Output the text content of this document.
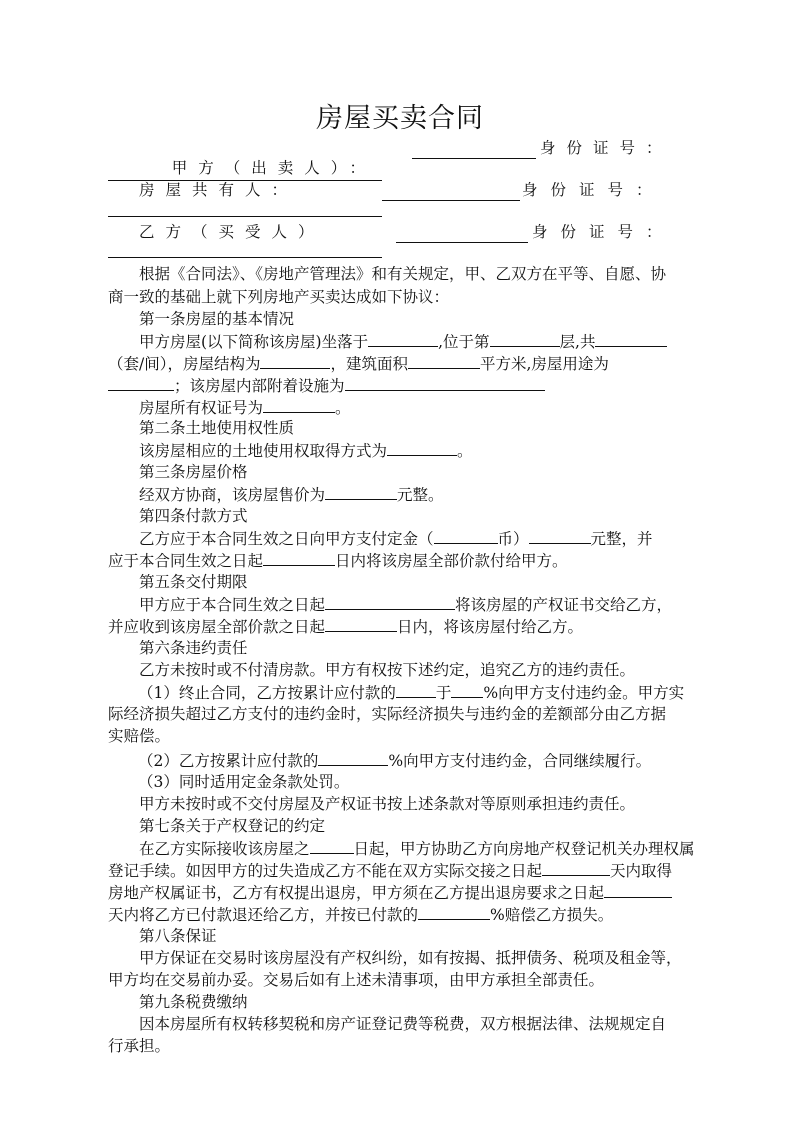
房屋买卖合同

甲方（出卖人）：

身份证号：
房屋共有人：	身份证号：
乙方（买受人）	身份证号：
根据《合同法》、《房地产管理法》和有关规定，甲、乙双方在平等、自愿、协
商一致的基础上就下列房地产买卖达成如下协议：
第一条房屋的基本情况
甲方房屋(以下简称该房屋)坐落于	,位于第	层,共
（套/间），房屋结构为	，建筑面积	平方米,房屋用途为
；该房屋内部附着设施为
房屋所有权证号为	。
第二条土地使用权性质
该房屋相应的土地使用权取得方式为	。
第三条房屋价格
经双方协商，该房屋售价为	元整。
第四条付款方式
乙方应于本合同生效之日向甲方支付定金（	币）	元整，并
应于本合同生效之日起	日内将该房屋全部价款付给甲方。
第五条交付期限
甲方应于本合同生效之日起	将该房屋的产权证书交给乙方，
并应收到该房屋全部价款之日起	日内，将该房屋付给乙方。
第六条违约责任
乙方未按时或不付清房款。甲方有权按下述约定，追究乙方的违约责任。
（1）终止合同，乙方按累计应付款的	于 %向甲方支付违约金。甲方实
际经济损失超过乙方支付的违约金时，实际经济损失与违约金的差额部分由乙方据
实赔偿。
（2）乙方按累计应付款的	%向甲方支付违约金，合同继续履行。
（3）同时适用定金条款处罚。
甲方未按时或不交付房屋及产权证书按上述条款对等原则承担违约责任。
第七条关于产权登记的约定
在乙方实际接收该房屋之	日起，甲方协助乙方向房地产权登记机关办理权属
登记手续。如因甲方的过失造成乙方不能在双方实际交接之日起	天内取得
房地产权属证书，乙方有权提出退房，甲方须在乙方提出退房要求之日起
天内将乙方已付款退还给乙方，并按已付款的	%赔偿乙方损失。
第八条保证
甲方保证在交易时该房屋没有产权纠纷，如有按揭、抵押债务、税项及租金等，
甲方均在交易前办妥。交易后如有上述未清事项，由甲方承担全部责任。
第九条税费缴纳
因本房屋所有权转移契税和房产证登记费等税费，双方根据法律、法规规定自
行承担。
